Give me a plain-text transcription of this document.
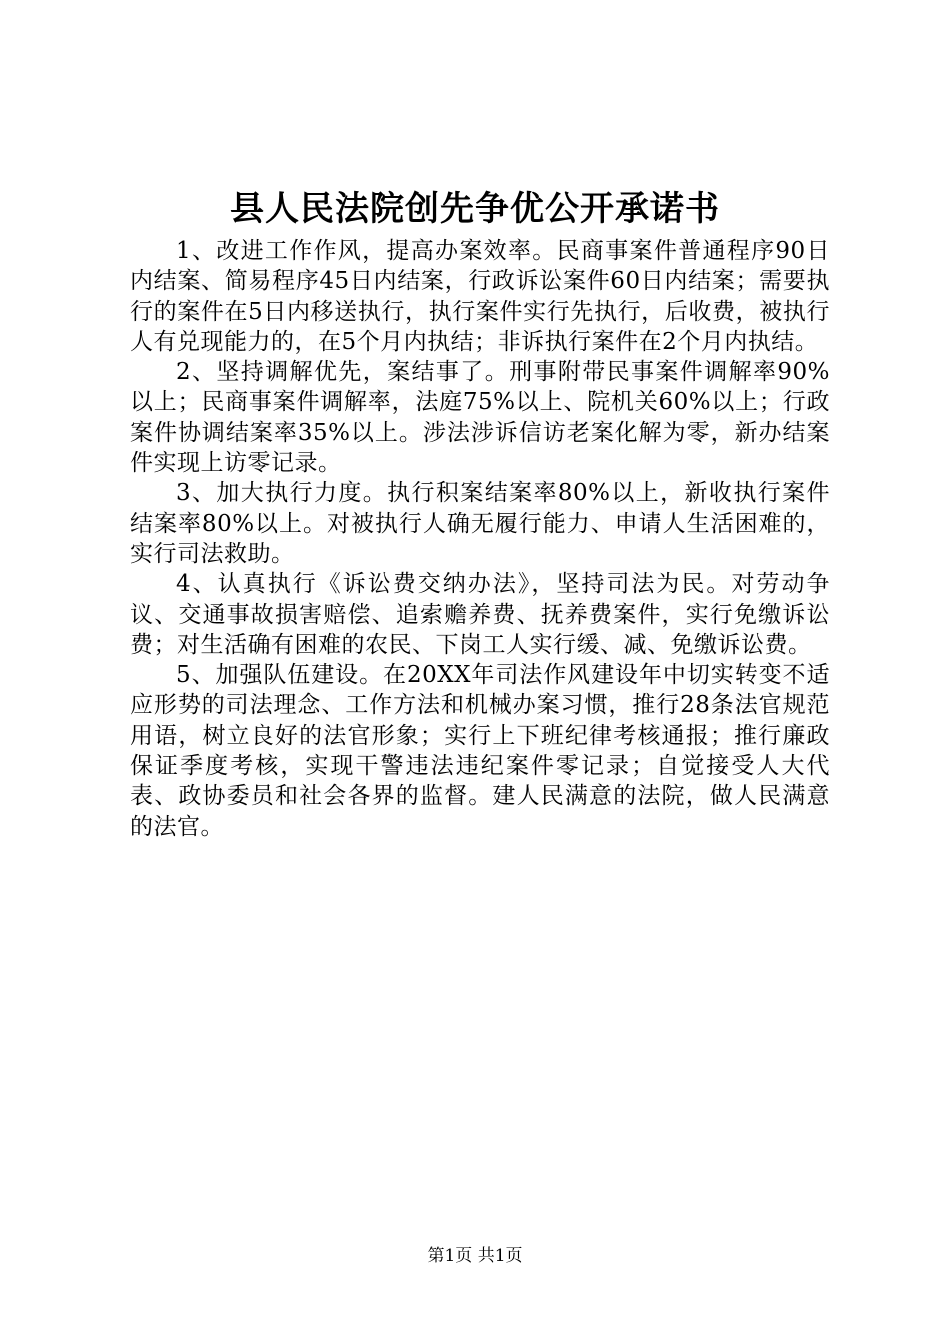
县人民法院创先争优公开承诺书

1、改进工作作风，提高办案效率。民商事案件普通程序90日内结案、简易程序45日内结案，行政诉讼案件60日内结案；需要执行的案件在5日内移送执行，执行案件实行先执行，后收费，被执行人有兑现能力的，在5个月内执结；非诉执行案件在2个月内执结。

2、坚持调解优先，案结事了。刑事附带民事案件调解率90%以上；民商事案件调解率，法庭75%以上、院机关60%以上；行政案件协调结案率35%以上。涉法涉诉信访老案化解为零，新办结案件实现上访零记录。

3、加大执行力度。执行积案结案率80%以上，新收执行案件结案率80%以上。对被执行人确无履行能力、申请人生活困难的，实行司法救助。

4、认真执行《诉讼费交纳办法》，坚持司法为民。对劳动争议、交通事故损害赔偿、追索赡养费、抚养费案件，实行免缴诉讼费；对生活确有困难的农民、下岗工人实行缓、减、免缴诉讼费。

5、加强队伍建设。在20XX年司法作风建设年中切实转变不适应形势的司法理念、工作方法和机械办案习惯，推行28条法官规范用语，树立良好的法官形象；实行上下班纪律考核通报；推行廉政保证季度考核，实现干警违法违纪案件零记录；自觉接受人大代表、政协委员和社会各界的监督。建人民满意的法院，做人民满意的法官。

第1页 共1页
